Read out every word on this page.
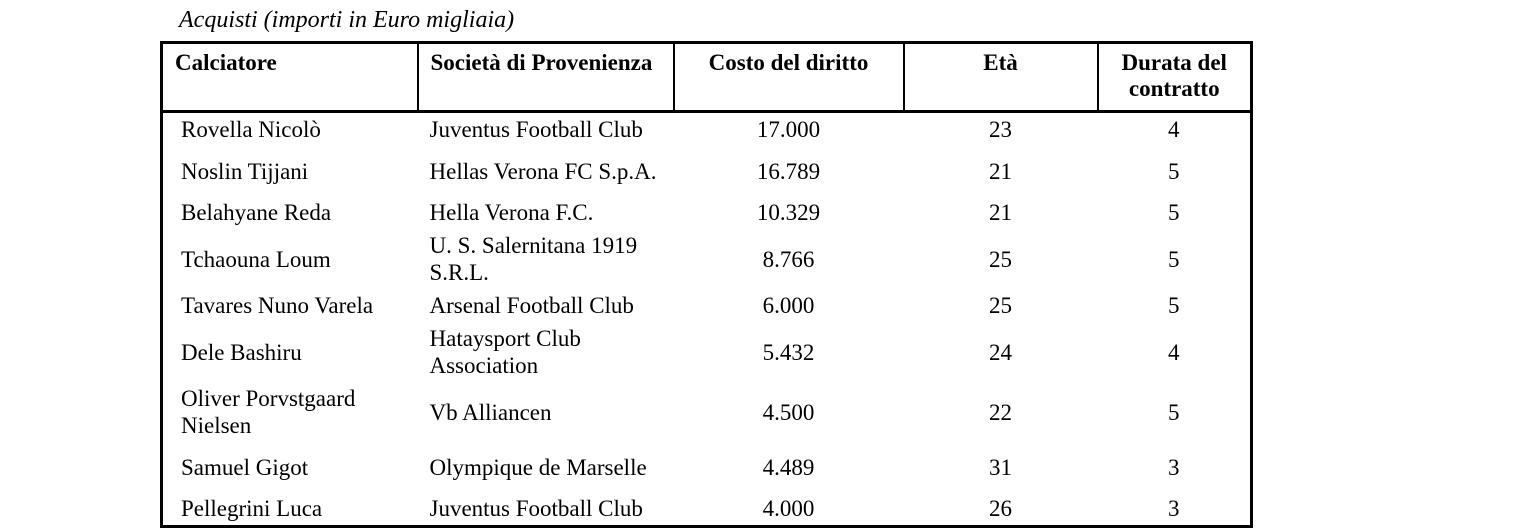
Acquisti (importi in Euro migliaia)
Calciatore	Società di Provenienza	Costo del diritto	Età	Durata del contratto
Rovella Nicolò	Juventus Football Club	17.000	23	4
Noslin Tijjani	Hellas Verona FC S.p.A.	16.789	21	5
Belahyane Reda	Hella Verona F.C.	10.329	21	5
Tchaouna Loum	U. S. Salernitana 1919 S.R.L.	8.766	25	5
Tavares Nuno Varela	Arsenal Football Club	6.000	25	5
Dele Bashiru	Hataysport Club Association	5.432	24	4
Oliver Porvstgaard Nielsen	Vb Alliancen	4.500	22	5
Samuel Gigot	Olympique de Marselle	4.489	31	3
Pellegrini Luca	Juventus Football Club	4.000	26	3
